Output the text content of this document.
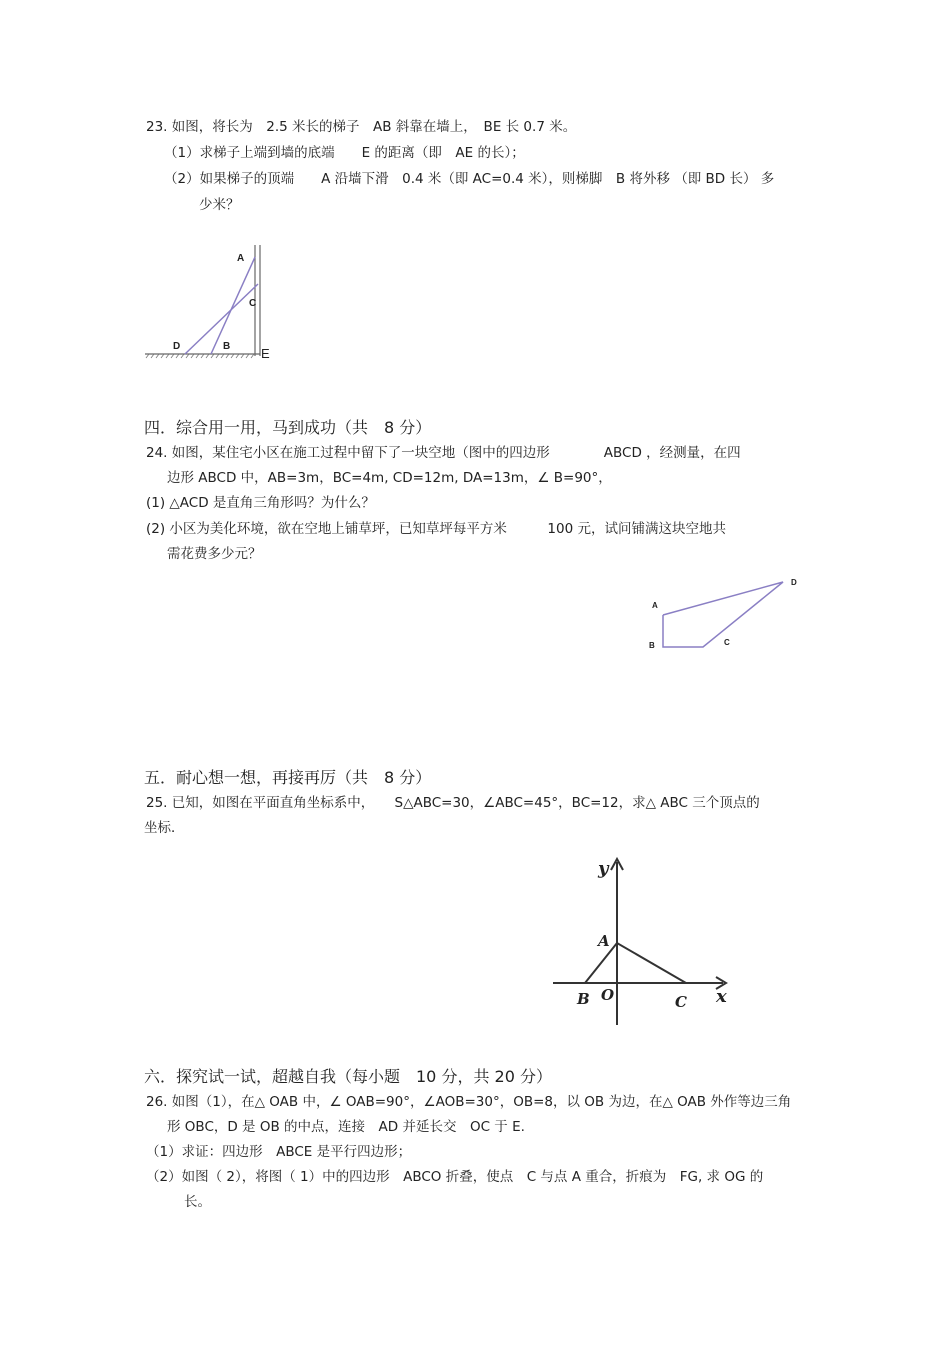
23. 如图，将长为　2.5 米长的梯子　AB 斜靠在墙上，　BE 长 0.7 米。
（1）求梯子上端到墙的底端　　E 的距离（即　AE 的长）；
（2）如果梯子的顶端　　A 沿墙下滑　0.4 米（即 AC=0.4 米），则梯脚　B 将外移 （即 BD 长） 多
少米？
A
C
D	B E
四．综合用一用，马到成功（共　8 分）
24. 如图，某住宅小区在施工过程中留下了一块空地（图中的四边形　　　　ABCD ，经测量，在四
边形 ABCD 中，AB=3m，BC=4m, CD=12m, DA=13m，∠ B=90°，
(1) △ACD 是直角三角形吗？为什么？
(2) 小区为美化环境，欲在空地上铺草坪，已知草坪每平方米　　　100 元，试问铺满这块空地共
需花费多少元？
A
B	C
D
五．耐心想一想，再接再厉（共　8 分）
25. 已知，如图在平面直角坐标系中，　　S△ABC=30，∠ABC=45°，BC=12，求△ ABC 三个顶点的
坐标．
y
x
A
B O	C
六．探究试一试，超越自我（每小题　10 分，共 20 分）
26. 如图（1），在△ OAB 中，∠ OAB=90°，∠AOB=30°，OB=8，以 OB 为边，在△ OAB 外作等边三角
形 OBC，D 是 OB 的中点，连接　AD 并延长交　OC 于 E.
（1）求证：四边形　ABCE 是平行四边形；
（2）如图（ 2），将图（ 1）中的四边形　ABCO 折叠，使点　C 与点 A 重合，折痕为　FG, 求 OG 的
长。
